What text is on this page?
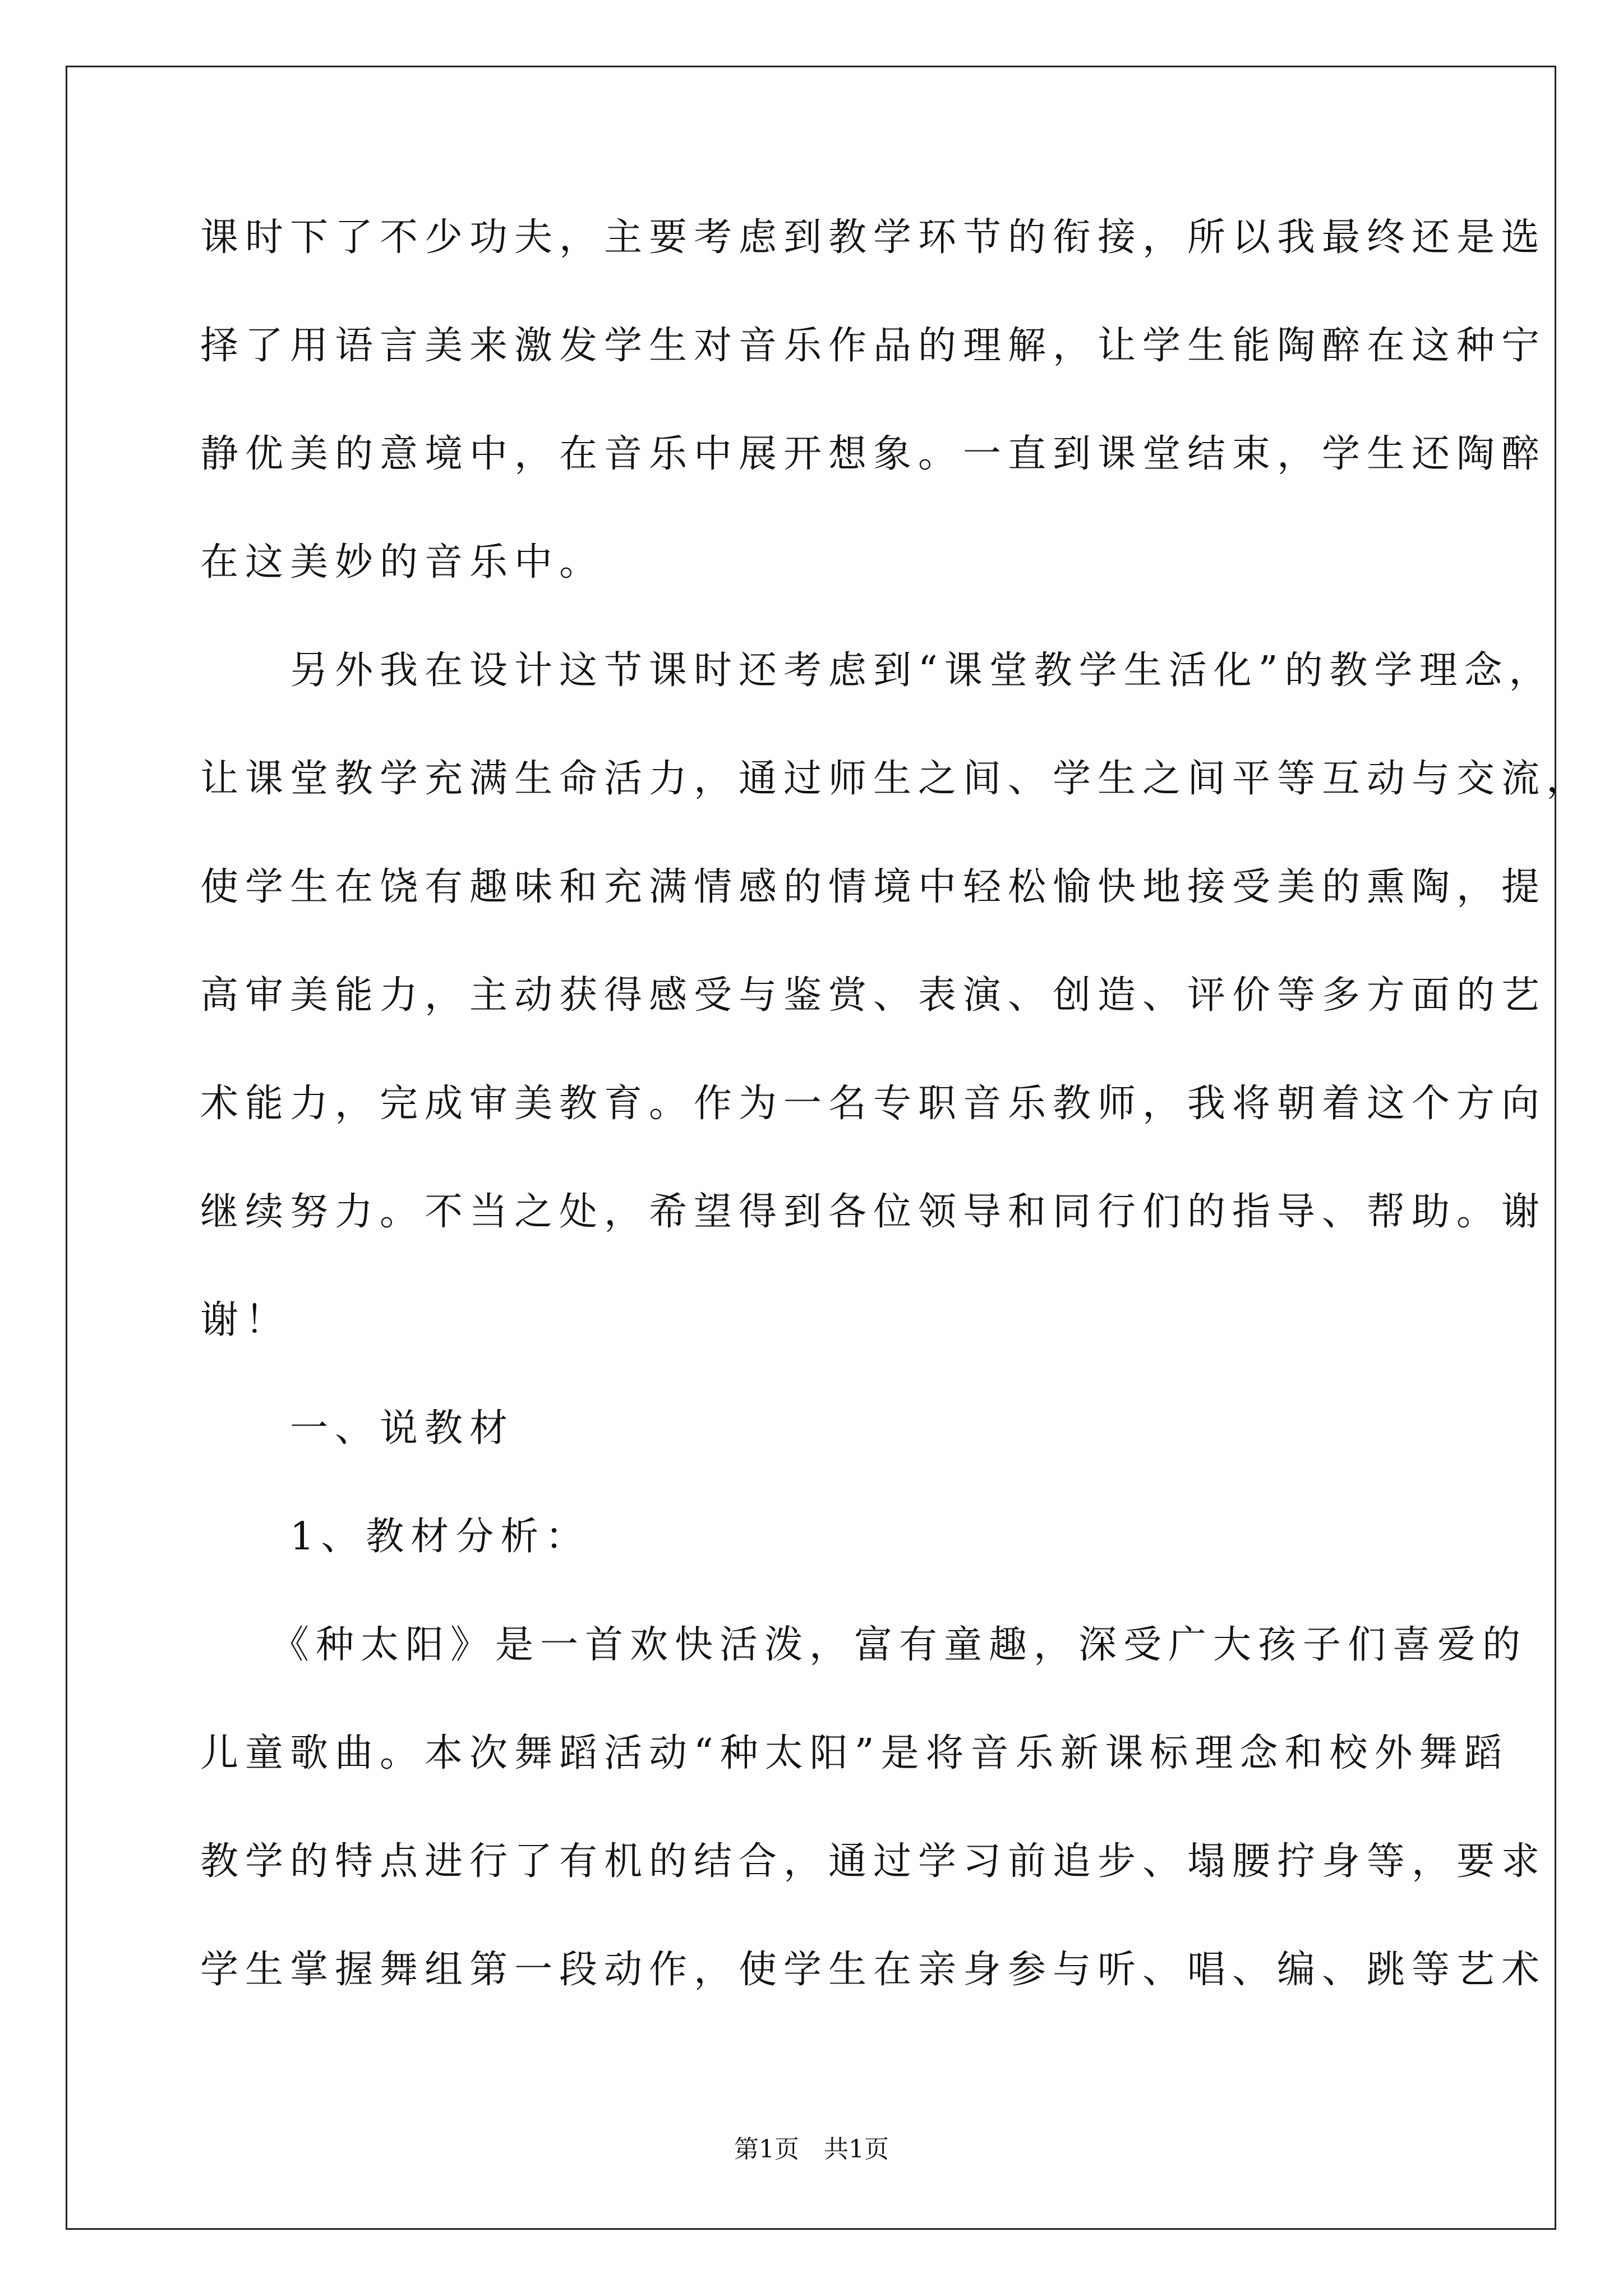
课时下了不少功夫，主要考虑到教学环节的衔接，所以我最终还是选
择了用语言美来激发学生对音乐作品的理解，让学生能陶醉在这种宁
静优美的意境中，在音乐中展开想象。一直到课堂结束，学生还陶醉
在这美妙的音乐中。
　　另外我在设计这节课时还考虑到“课堂教学生活化”的教学理念，
让课堂教学充满生命活力，通过师生之间、学生之间平等互动与交流，
使学生在饶有趣味和充满情感的情境中轻松愉快地接受美的熏陶，提
高审美能力，主动获得感受与鉴赏、表演、创造、评价等多方面的艺
术能力，完成审美教育。作为一名专职音乐教师，我将朝着这个方向
继续努力。不当之处，希望得到各位领导和同行们的指导、帮助。谢
谢！
　　一、说教材
　　1、教材分析：
　　《种太阳》是一首欢快活泼，富有童趣，深受广大孩子们喜爱的
儿童歌曲。本次舞蹈活动“种太阳”是将音乐新课标理念和校外舞蹈
教学的特点进行了有机的结合，通过学习前追步、塌腰拧身等，要求
学生掌握舞组第一段动作，使学生在亲身参与听、唱、编、跳等艺术
第1页　共1页
